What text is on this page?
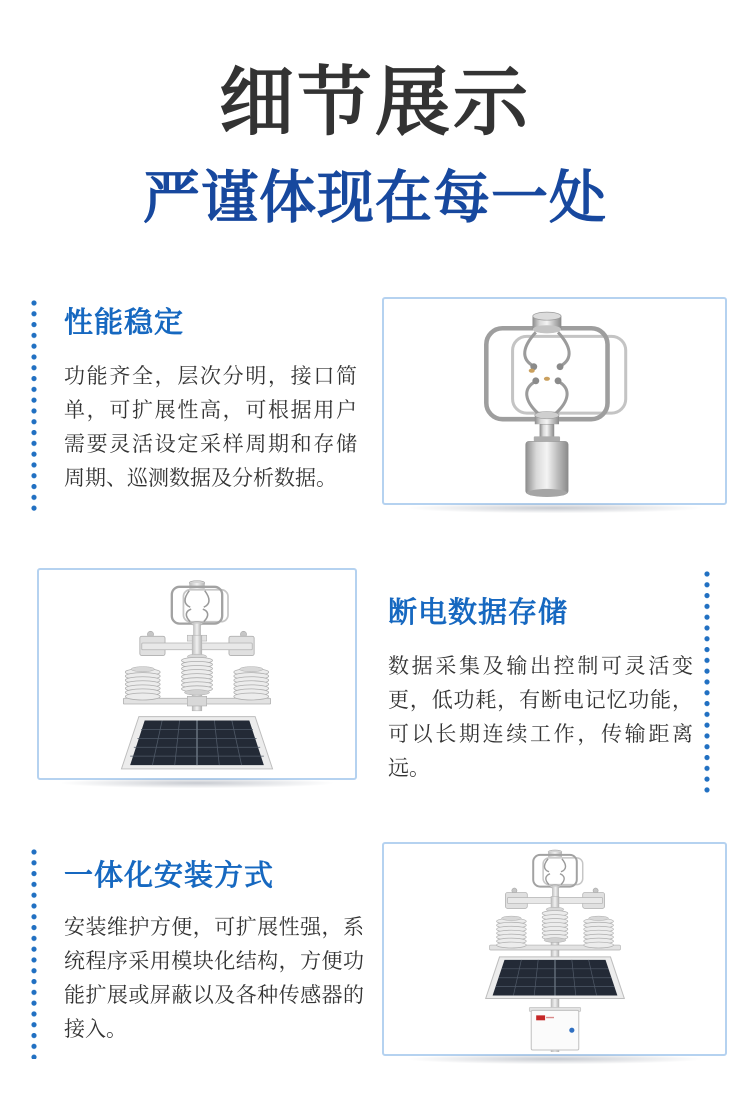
细节展示
严谨体现在每一处
性能稳定
功能齐全，层次分明，接口简单，可扩展性高，可根据用户需要灵活设定采样周期和存储周期、巡测数据及分析数据。
断电数据存储
数据采集及输出控制可灵活变更，低功耗，有断电记忆功能，可以长期连续工作，传输距离远。
一体化安装方式
安装维护方便，可扩展性强，系统程序采用模块化结构，方便功能扩展或屏蔽以及各种传感器的接入。
